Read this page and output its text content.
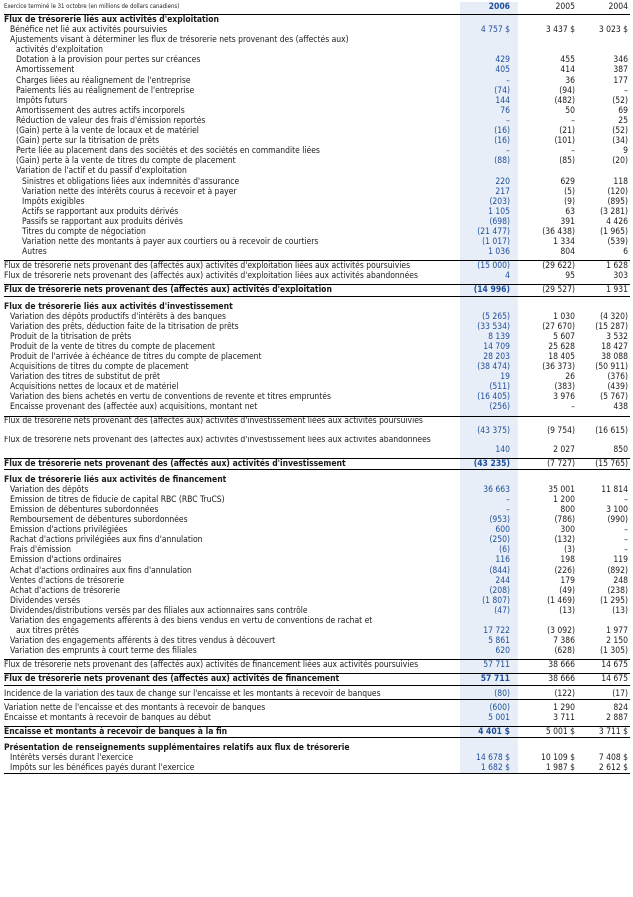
Exercice terminé le 31 octobre (en millions de dollars canadiens)	2006	2005	2004
Flux de trésorerie liés aux activités d'exploitation
Bénéfice net lié aux activités poursuivies	4 757 $	3 437 $	3 023 $
Ajustements visant à déterminer les flux de trésorerie nets provenant des (affectés aux)
activités d'exploitation
Dotation à la provision pour pertes sur créances	429	455	346
Amortissement	405	414	387
Charges liées au réalignement de l'entreprise	–	36	177
Paiements liés au réalignement de l'entreprise	(74)	(94)	–
Impôts futurs	144	(482)	(52)
Amortissement des autres actifs incorporels	76	50	69
Réduction de valeur des frais d'émission reportés	–	–	25
(Gain) perte à la vente de locaux et de matériel	(16)	(21)	(52)
(Gain) perte sur la titrisation de prêts	(16)	(101)	(34)
Perte liée au placement dans des sociétés et des sociétés en commandite liées	–	–	9
(Gain) perte à la vente de titres du compte de placement	(88)	(85)	(20)
Variation de l'actif et du passif d'exploitation
Sinistres et obligations liées aux indemnités d'assurance	220	629	118
Variation nette des intérêts courus à recevoir et à payer	217	(5)	(120)
Impôts exigibles	(203)	(9)	(895)
Actifs se rapportant aux produits dérivés	1 105	63	(3 281)
Passifs se rapportant aux produits dérivés	(698)	391	4 426
Titres du compte de négociation	(21 477)	(36 438)	(1 965)
Variation nette des montants à payer aux courtiers ou à recevoir de courtiers	(1 017)	1 334	(539)
Autres	1 036	804	6
Flux de trésorerie nets provenant des (affectés aux) activités d'exploitation liées aux activités poursuivies	(15 000)	(29 622)	1 628
Flux de trésorerie nets provenant des (affectés aux) activités d'exploitation liées aux activités abandonnées	4	95	303
Flux de trésorerie nets provenant des (affectés aux) activités d'exploitation	(14 996)	(29 527)	1 931
Flux de trésorerie liés aux activités d'investissement
Variation des dépôts productifs d'intérêts à des banques	(5 265)	1 030	(4 320)
Variation des prêts, déduction faite de la titrisation de prêts	(33 534)	(27 670)	(15 287)
Produit de la titrisation de prêts	8 139	5 607	3 532
Produit de la vente de titres du compte de placement	14 709	25 628	18 427
Produit de l'arrivée à échéance de titres du compte de placement	28 203	18 405	38 088
Acquisitions de titres du compte de placement	(38 474)	(36 373)	(50 911)
Variation des titres de substitut de prêt	19	26	(376)
Acquisitions nettes de locaux et de matériel	(511)	(383)	(439)
Variation des biens achetés en vertu de conventions de revente et titres empruntés	(16 405)	3 976	(5 767)
Encaisse provenant des (affectée aux) acquisitions, montant net	(256)	–	438
Flux de trésorerie nets provenant des (affectés aux) activités d'investissement liées aux activités poursuivies
(43 375)	(9 754)	(16 615)
Flux de trésorerie nets provenant des (affectés aux) activités d'investissement liées aux activités abandonnées
140	2 027	850
Flux de trésorerie nets provenant des (affectés aux) activités d'investissement	(43 235)	(7 727)	(15 765)
Flux de trésorerie liés aux activités de financement
Variation des dépôts	36 663	35 001	11 814
Émission de titres de fiducie de capital RBC (RBC TruCS)	–	1 200	–
Émission de débentures subordonnées	–	800	3 100
Remboursement de débentures subordonnées	(953)	(786)	(990)
Émission d'actions privilégiées	600	300	–
Rachat d'actions privilégiées aux fins d'annulation	(250)	(132)	–
Frais d'émission	(6)	(3)	–
Émission d'actions ordinaires	116	198	119
Achat d'actions ordinaires aux fins d'annulation	(844)	(226)	(892)
Ventes d'actions de trésorerie	244	179	248
Achat d'actions de trésorerie	(208)	(49)	(238)
Dividendes versés	(1 807)	(1 469)	(1 295)
Dividendes/distributions versés par des filiales aux actionnaires sans contrôle	(47)	(13)	(13)
Variation des engagements afférents à des biens vendus en vertu de conventions de rachat et
aux titres prêtés	17 722	(3 092)	1 977
Variation des engagements afférents à des titres vendus à découvert	5 861	7 386	2 150
Variation des emprunts à court terme des filiales	620	(628)	(1 305)
Flux de trésorerie nets provenant des (affectés aux) activités de financement liées aux activités poursuivies	57 711	38 666	14 675
Flux de trésorerie nets provenant des (affectés aux) activités de financement	57 711	38 666	14 675
Incidence de la variation des taux de change sur l'encaisse et les montants à recevoir de banques	(80)	(122)	(17)
Variation nette de l'encaisse et des montants à recevoir de banques	(600)	1 290	824
Encaisse et montants à recevoir de banques au début	5 001	3 711	2 887
Encaisse et montants à recevoir de banques à la fin	4 401 $	5 001 $	3 711 $
Présentation de renseignements supplémentaires relatifs aux flux de trésorerie
Intérêts versés durant l'exercice	14 678 $	10 109 $	7 408 $
Impôts sur les bénéfices payés durant l'exercice	1 682 $	1 987 $	2 612 $
